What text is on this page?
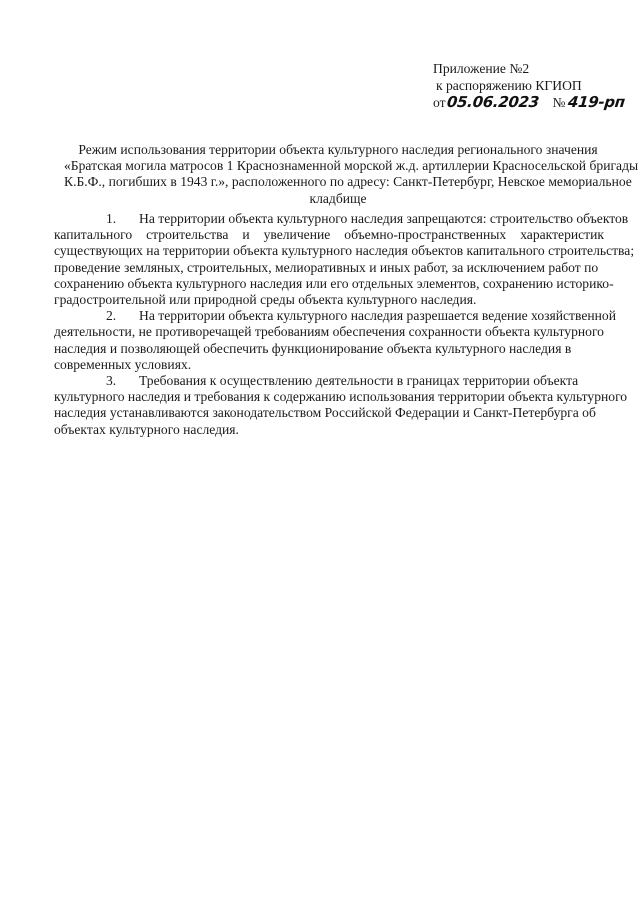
Приложение №2
к распоряжению КГИОП
от05.06.2023 № 419-рп
Режим использования территории объекта культурного наследия регионального значения
«Братская могила матросов 1 Краснознаменной морской ж.д. артиллерии Красносельской бригады
К.Б.Ф., погибших в 1943 г.», расположенного по адресу: Санкт-Петербург, Невское мемориальное
кладбище
1. На территории объекта культурного наследия запрещаются: строительство объектов
капитального строительства и увеличение объемно-пространственных характеристик
существующих на территории объекта культурного наследия объектов капитального строительства;
проведение земляных, строительных, мелиоративных и иных работ, за исключением работ по
сохранению объекта культурного наследия или его отдельных элементов, сохранению историко-
градостроительной или природной среды объекта культурного наследия.
2. На территории объекта культурного наследия разрешается ведение хозяйственной
деятельности, не противоречащей требованиям обеспечения сохранности объекта культурного
наследия и позволяющей обеспечить функционирование объекта культурного наследия в
современных условиях.
3. Требования к осуществлению деятельности в границах территории объекта
культурного наследия и требования к содержанию использования территории объекта культурного
наследия устанавливаются законодательством Российской Федерации и Санкт-Петербурга об
объектах культурного наследия.
